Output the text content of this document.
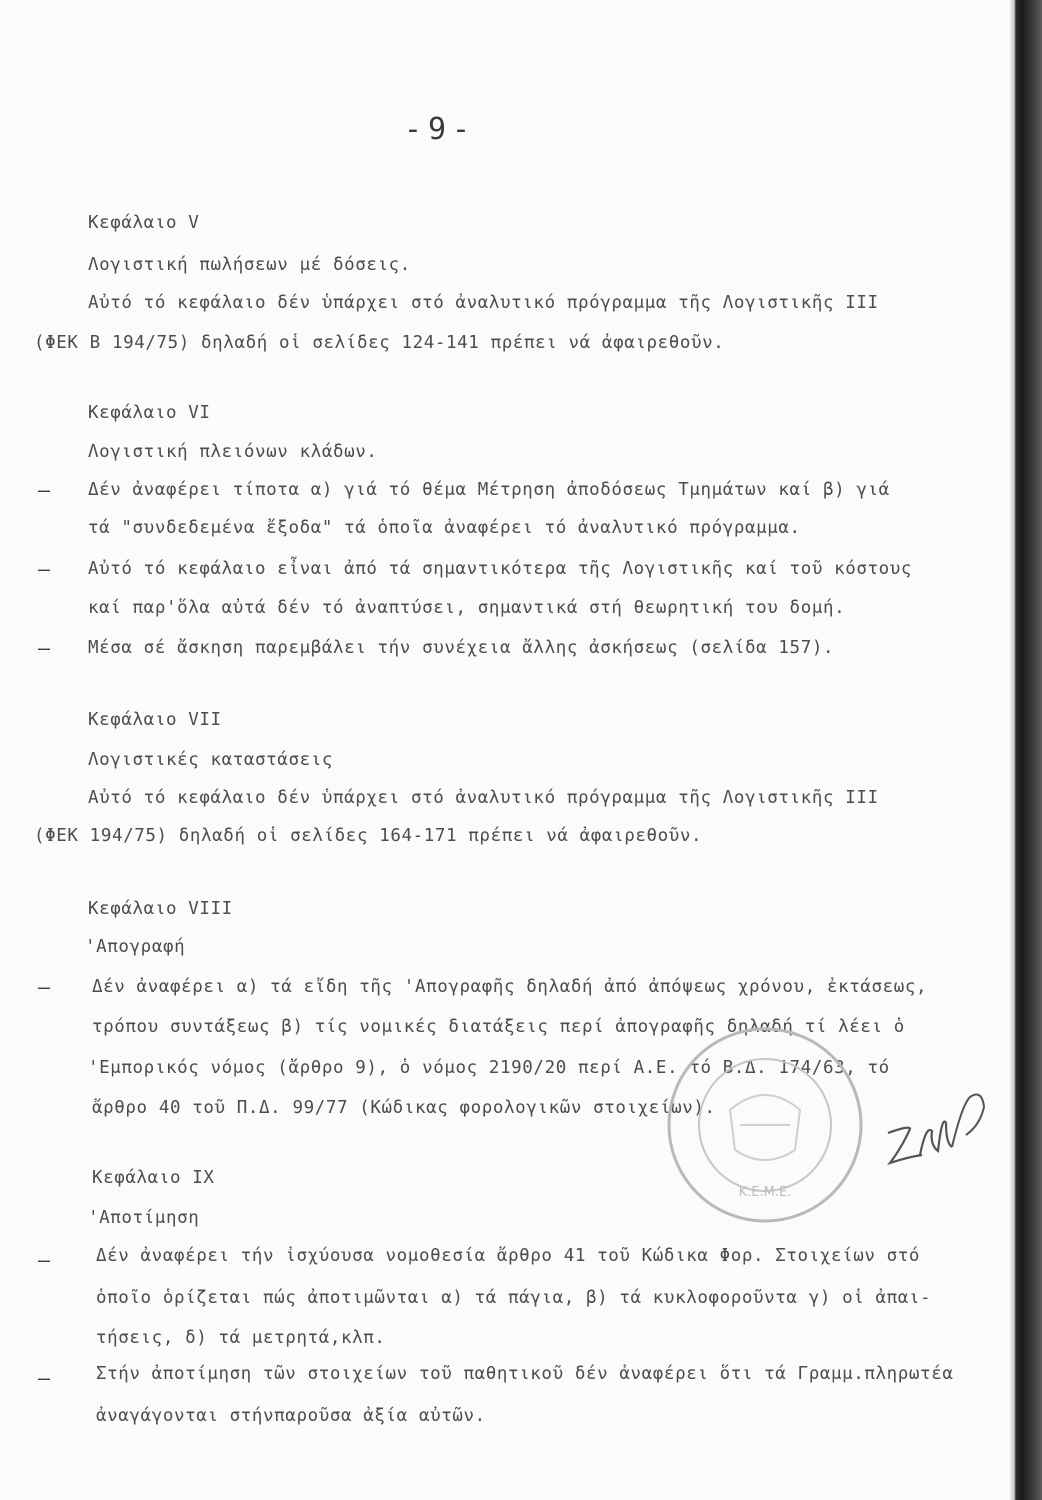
-9-
Κεφάλαιο V
Λογιστική πωλήσεων μέ δόσεις.
Αὐτό τό κεφάλαιο δέν ὑπάρχει στό ἀναλυτικό πρόγραμμα τῆς Λογιστικῆς ΙΙΙ
(ΦΕΚ Β 194/75) δηλαδή οἱ σελίδες 124-141 πρέπει νά ἀφαιρεθοῦν.
Κεφάλαιο VI
Λογιστική πλειόνων κλάδων.
– Δέν ἀναφέρει τίποτα α) γιά τό θέμα Μέτρηση ἀποδόσεως Τμημάτων καί β) γιά
τά "συνδεδεμένα ἔξοδα" τά ὁποῖα ἀναφέρει τό ἀναλυτικό πρόγραμμα.
– Αὐτό τό κεφάλαιο εἶναι ἀπό τά σημαντικότερα τῆς Λογιστικῆς καί τοῦ κόστους
καί παρ'ὅλα αὐτά δέν τό ἀναπτύσει, σημαντικά στή θεωρητική του δομή.
– Μέσα σέ ἄσκηση παρεμβάλει τήν συνέχεια ἄλλης ἀσκήσεως (σελίδα 157).
Κεφάλαιο VII
Λογιστικές καταστάσεις
Αὐτό τό κεφάλαιο δέν ὑπάρχει στό ἀναλυτικό πρόγραμμα τῆς Λογιστικῆς ΙΙΙ
(ΦΕΚ 194/75) δηλαδή οἱ σελίδες 164-171 πρέπει νά ἀφαιρεθοῦν.
Κεφάλαιο VIII
'Απογραφή
– Δέν ἀναφέρει α) τά εἴδη τῆς 'Απογραφῆς δηλαδή ἀπό ἀπόψεως χρόνου, ἐκτάσεως,
τρόπου συντάξεως β) τίς νομικές διατάξεις περί ἀπογραφῆς δηλαδή τί λέει ὁ
'Εμπορικός νόμος (ἄρθρο 9), ὁ νόμος 2190/20 περί Α.Ε. τό Β.Δ. 174/63, τό
ἄρθρο 40 τοῦ Π.Δ. 99/77 (Κώδικας φορολογικῶν στοιχείων).
Κεφάλαιο IX
'Αποτίμηση
–	Δέν ἀναφέρει τήν ἰσχύουσα νομοθεσία ἄρθρο 41 τοῦ Κώδικα Φορ. Στοιχείων στό
ὁποῖο ὁρίζεται πώς ἀποτιμῶνται α) τά πάγια, β) τά κυκλοφοροῦντα γ) οἱ ἀπαι-
τήσεις, δ) τά μετρητά,κλπ.
–	Στήν ἀποτίμηση τῶν στοιχείων τοῦ παθητικοῦ δέν ἀναφέρει ὅτι τά Γραμμ.πληρωτέα
ἀναγάγονται στήνπαροῦσα ἀξία αὐτῶν.
Κ.Ε.Μ.Ε.
